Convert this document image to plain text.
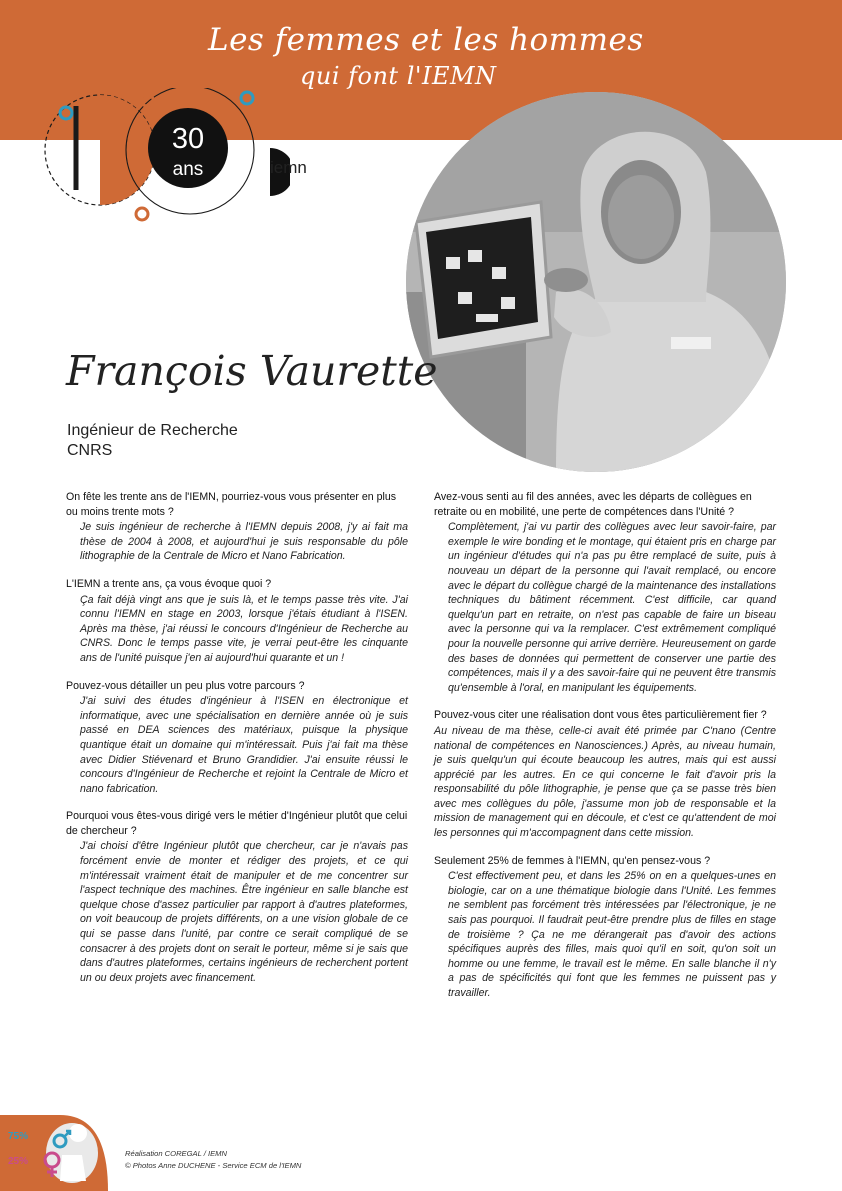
Les femmes et les hommes
qui font l'IEMN
30
ans	iemn
François Vaurette
Ingénieur de Recherche
CNRS

On fête les trente ans de l'IEMN, pourriez-vous vous présenter en plus ou moins trente mots ?

Je suis ingénieur de recherche à l'IEMN depuis 2008, j'y ai fait ma thèse de 2004 à 2008, et aujourd'hui je suis responsable du pôle lithographie de la Centrale de Micro et Nano Fabrication.

L'IEMN a trente ans, ça vous évoque quoi ?

Ça fait déjà vingt ans que je suis là, et le temps passe très vite. J'ai connu l'IEMN en stage en 2003, lorsque j'étais étudiant à l'ISEN. Après ma thèse, j'ai réussi le concours d'Ingénieur de Recherche au CNRS. Donc le temps passe vite, je verrai peut-être les cinquante ans de l'unité puisque j'en ai aujourd'hui quarante et un !

Pouvez-vous détailler un peu plus votre parcours ?

J'ai suivi des études d'ingénieur à l'ISEN en électronique et informatique, avec une spécialisation en dernière année où je suis passé en DEA sciences des matériaux, puisque la physique quantique était un domaine qui m'intéressait. Puis j'ai fait ma thèse avec Didier Stiévenard et Bruno Grandidier. J'ai ensuite réussi le concours d'Ingénieur de Recherche et rejoint la Centrale de Micro et nano fabrication.

Pourquoi vous êtes-vous dirigé vers le métier d'Ingénieur plutôt que celui de chercheur ?

J'ai choisi d'être Ingénieur plutôt que chercheur, car je n'avais pas forcément envie de monter et rédiger des projets, et ce qui m'intéressait vraiment était de manipuler et de me concentrer sur l'aspect technique des machines. Être ingénieur en salle blanche est quelque chose d'assez particulier par rapport à d'autres plateformes, on voit beaucoup de projets différents, on a une vision globale de ce qui se passe dans l'unité, par contre ce serait compliqué de se consacrer à des projets dont on serait le porteur, même si je sais que dans d'autres plateformes, certains ingénieurs de recherchent portent un ou deux projets avec financement.

Avez-vous senti au fil des années, avec les départs de collègues en retraite ou en mobilité, une perte de compétences dans l'Unité ?

Complètement, j'ai vu partir des collègues avec leur savoir-faire, par exemple le wire bonding et le montage, qui étaient pris en charge par un ingénieur d'études qui n'a pas pu être remplacé de suite, puis à nouveau un départ de la personne qui l'avait remplacé, ou encore avec le départ du collègue chargé de la maintenance des installations techniques du bâtiment récemment. C'est difficile, car quand quelqu'un part en retraite, on n'est pas capable de faire un biseau avec la personne qui va la remplacer. C'est extrêmement compliqué pour la nouvelle personne qui arrive derrière. Heureusement on garde des bases de données qui permettent de conserver une partie des compétences, mais il y a des savoir-faire qui ne peuvent être transmis qu'ensemble à l'oral, en manipulant les équipements.

Pouvez-vous citer une réalisation dont vous êtes particulièrement fier ?

Au niveau de ma thèse, celle-ci avait été primée par C'nano (Centre national de compétences en Nanosciences.) Après, au niveau humain, je suis quelqu'un qui écoute beaucoup les autres, mais qui est aussi apprécié par les autres. En ce qui concerne le fait d'avoir pris la responsabilité du pôle lithographie, je pense que ça se passe très bien avec mes collègues du pôle, j'assume mon job de responsable et la mission de management qui en découle, et c'est ce qu'attendent de moi les personnes qui m'accompagnent dans cette mission.

Seulement 25% de femmes à l'IEMN, qu'en pensez-vous ?

C'est effectivement peu, et dans les 25% on en a quelques-unes en biologie, car on a une thématique biologie dans l'Unité. Les femmes ne semblent pas forcément très intéressées par l'électronique, je ne sais pas pourquoi. Il faudrait peut-être prendre plus de filles en stage de troisième ? Ça ne me dérangerait pas d'avoir des actions spécifiques auprès des filles, mais quoi qu'il en soit, qu'on soit un homme ou une femme, le travail est le même. En salle blanche il n'y a pas de spécificités qui font que les femmes ne puissent pas y travailler.

75%
25%
Réalisation COREGAL / IEMN
© Photos Anne DUCHENE - Service ECM de l'IEMN
